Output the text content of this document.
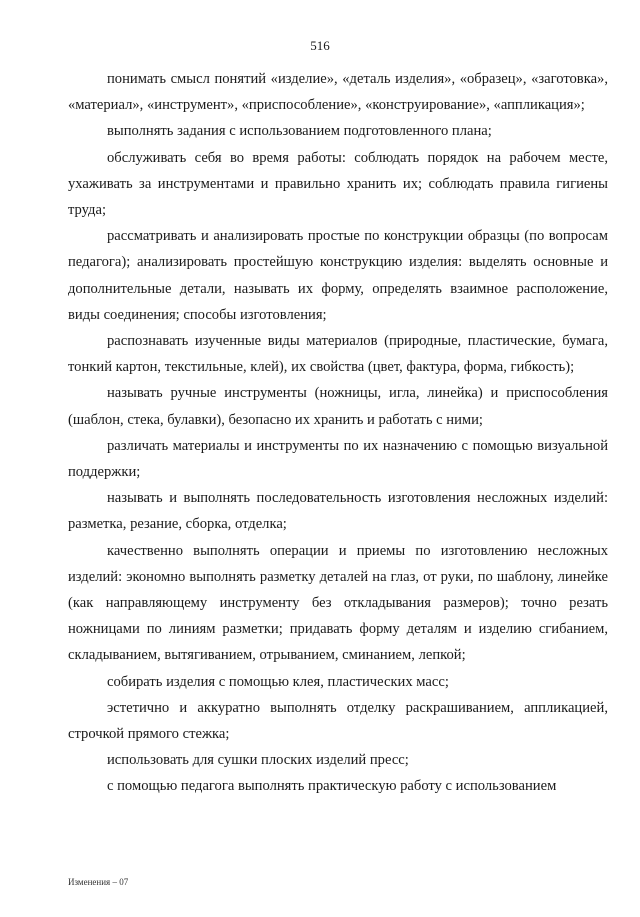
516

понимать смысл понятий «изделие», «деталь изделия», «образец», «заготовка», «материал», «инструмент», «приспособление», «конструирование», «аппликация»;

выполнять задания с использованием подготовленного плана;

обслуживать себя во время работы: соблюдать порядок на рабочем месте, ухаживать за инструментами и правильно хранить их; соблюдать правила гигиены труда;

рассматривать и анализировать простые по конструкции образцы (по вопросам педагога); анализировать простейшую конструкцию изделия: выделять основные и дополнительные детали, называть их форму, определять взаимное расположение, виды соединения; способы изготовления;

распознавать изученные виды материалов (природные, пластические, бумага, тонкий картон, текстильные, клей), их свойства (цвет, фактура, форма, гибкость);

называть ручные инструменты (ножницы, игла, линейка) и приспособления (шаблон, стека, булавки), безопасно их хранить и работать с ними;

различать материалы и инструменты по их назначению с помощью визуальной поддержки;

называть и выполнять последовательность изготовления несложных изделий: разметка, резание, сборка, отделка;

качественно выполнять операции и приемы по изготовлению несложных изделий: экономно выполнять разметку деталей на глаз, от руки, по шаблону, линейке (как направляющему инструменту без откладывания размеров); точно резать ножницами по линиям разметки; придавать форму деталям и изделию сгибанием, складыванием, вытягиванием, отрыванием, сминанием, лепкой;

собирать изделия с помощью клея, пластических масс;

эстетично и аккуратно выполнять отделку раскрашиванием, аппликацией, строчкой прямого стежка;

использовать для сушки плоских изделий пресс;

с помощью педагога выполнять практическую работу с использованием

Изменения – 07
